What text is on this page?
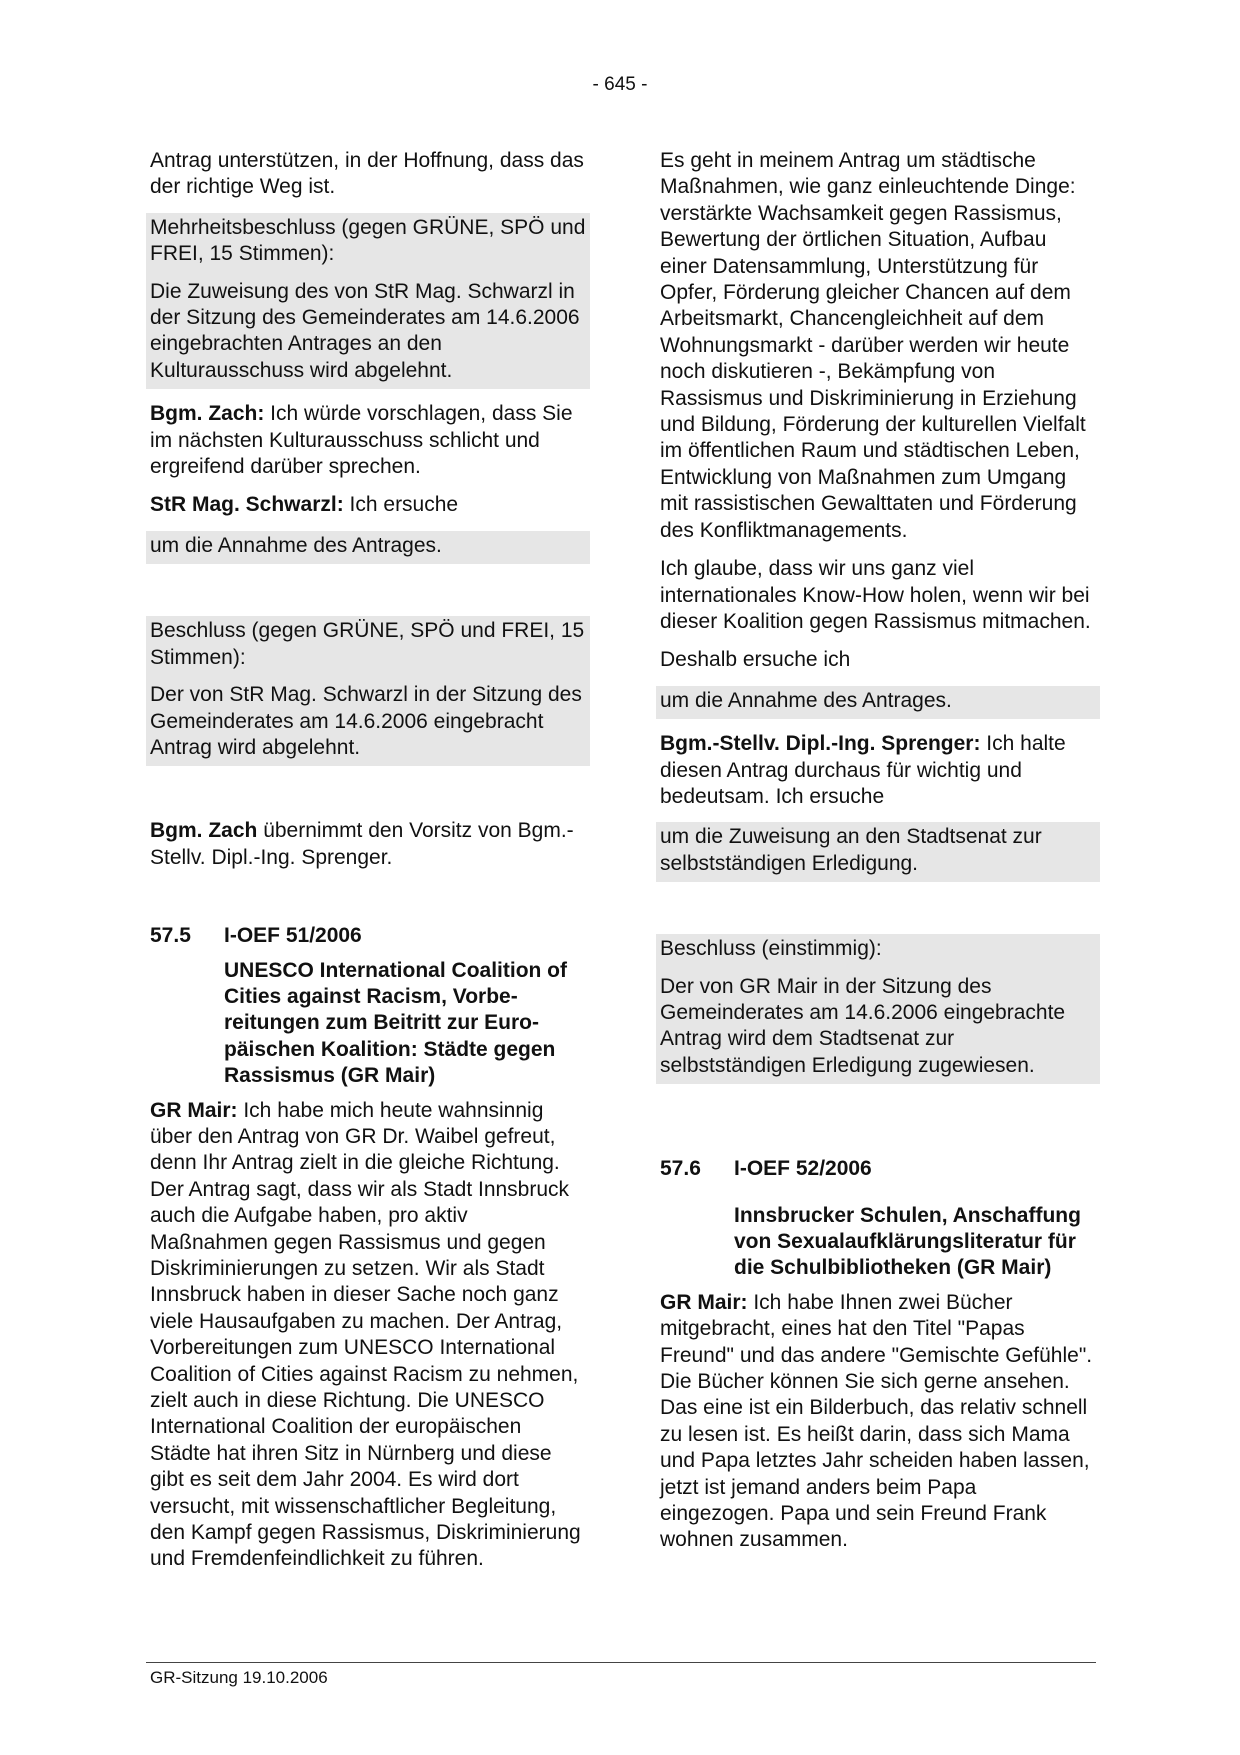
- 645 -

Antrag unterstützen, in der Hoffnung, dass das der richtige Weg ist.

Mehrheitsbeschluss (gegen GRÜNE, SPÖ und FREI, 15 Stimmen):

Die Zuweisung des von StR Mag. Schwarzl in der Sitzung des Gemeinderates am 14.6.2006 eingebrachten Antrages an den Kulturausschuss wird abgelehnt.

Bgm. Zach: Ich würde vorschlagen, dass Sie im nächsten Kulturausschuss schlicht und ergreifend darüber sprechen.

StR Mag. Schwarzl: Ich ersuche

um die Annahme des Antrages.

Beschluss (gegen GRÜNE, SPÖ und FREI, 15 Stimmen):

Der von StR Mag. Schwarzl in der Sitzung des Gemeinderates am 14.6.2006 eingebracht Antrag wird abgelehnt.

Bgm. Zach übernimmt den Vorsitz von Bgm.-Stellv. Dipl.-Ing. Sprenger.

57.5	I-OEF 51/2006
UNESCO International Coalition of Cities against Racism, Vorbereitungen zum Beitritt zur Europäischen Koalition: Städte gegen Rassismus (GR Mair)

GR Mair: Ich habe mich heute wahnsinnig über den Antrag von GR Dr. Waibel gefreut, denn Ihr Antrag zielt in die gleiche Richtung. Der Antrag sagt, dass wir als Stadt Innsbruck auch die Aufgabe haben, pro aktiv Maßnahmen gegen Rassismus und gegen Diskriminierungen zu setzen. Wir als Stadt Innsbruck haben in dieser Sache noch ganz viele Hausaufgaben zu machen. Der Antrag, Vorbereitungen zum UNESCO International Coalition of Cities against Racism zu nehmen, zielt auch in diese Richtung. Die UNESCO International Coalition der europäischen Städte hat ihren Sitz in Nürnberg und diese gibt es seit dem Jahr 2004. Es wird dort versucht, mit wissenschaftlicher Begleitung, den Kampf gegen Rassismus, Diskriminierung und Fremdenfeindlichkeit zu führen.

Es geht in meinem Antrag um städtische Maßnahmen, wie ganz einleuchtende Dinge: verstärkte Wachsamkeit gegen Rassismus, Bewertung der örtlichen Situation, Aufbau einer Datensammlung, Unterstützung für Opfer, Förderung gleicher Chancen auf dem Arbeitsmarkt, Chancengleichheit auf dem Wohnungsmarkt - darüber werden wir heute noch diskutieren -, Bekämpfung von Rassismus und Diskriminierung in Erziehung und Bildung, Förderung der kulturellen Vielfalt im öffentlichen Raum und städtischen Leben, Entwicklung von Maßnahmen zum Umgang mit rassistischen Gewalttaten und Förderung des Konfliktmanagements.

Ich glaube, dass wir uns ganz viel internationales Know-How holen, wenn wir bei dieser Koalition gegen Rassismus mitmachen.

Deshalb ersuche ich

um die Annahme des Antrages.

Bgm.-Stellv. Dipl.-Ing. Sprenger: Ich halte diesen Antrag durchaus für wichtig und bedeutsam. Ich ersuche

um die Zuweisung an den Stadtsenat zur selbstständigen Erledigung.

Beschluss (einstimmig):

Der von GR Mair in der Sitzung des Gemeinderates am 14.6.2006 eingebrachte Antrag wird dem Stadtsenat zur selbstständigen Erledigung zugewiesen.

57.6	I-OEF 52/2006
Innsbrucker Schulen, Anschaffung von Sexualaufklärungsliteratur für die Schulbibliotheken (GR Mair)

GR Mair: Ich habe Ihnen zwei Bücher mitgebracht, eines hat den Titel "Papas Freund" und das andere "Gemischte Gefühle". Die Bücher können Sie sich gerne ansehen. Das eine ist ein Bilderbuch, das relativ schnell zu lesen ist. Es heißt darin, dass sich Mama und Papa letztes Jahr scheiden haben lassen, jetzt ist jemand anders beim Papa eingezogen. Papa und sein Freund Frank wohnen zusammen.

GR-Sitzung 19.10.2006
